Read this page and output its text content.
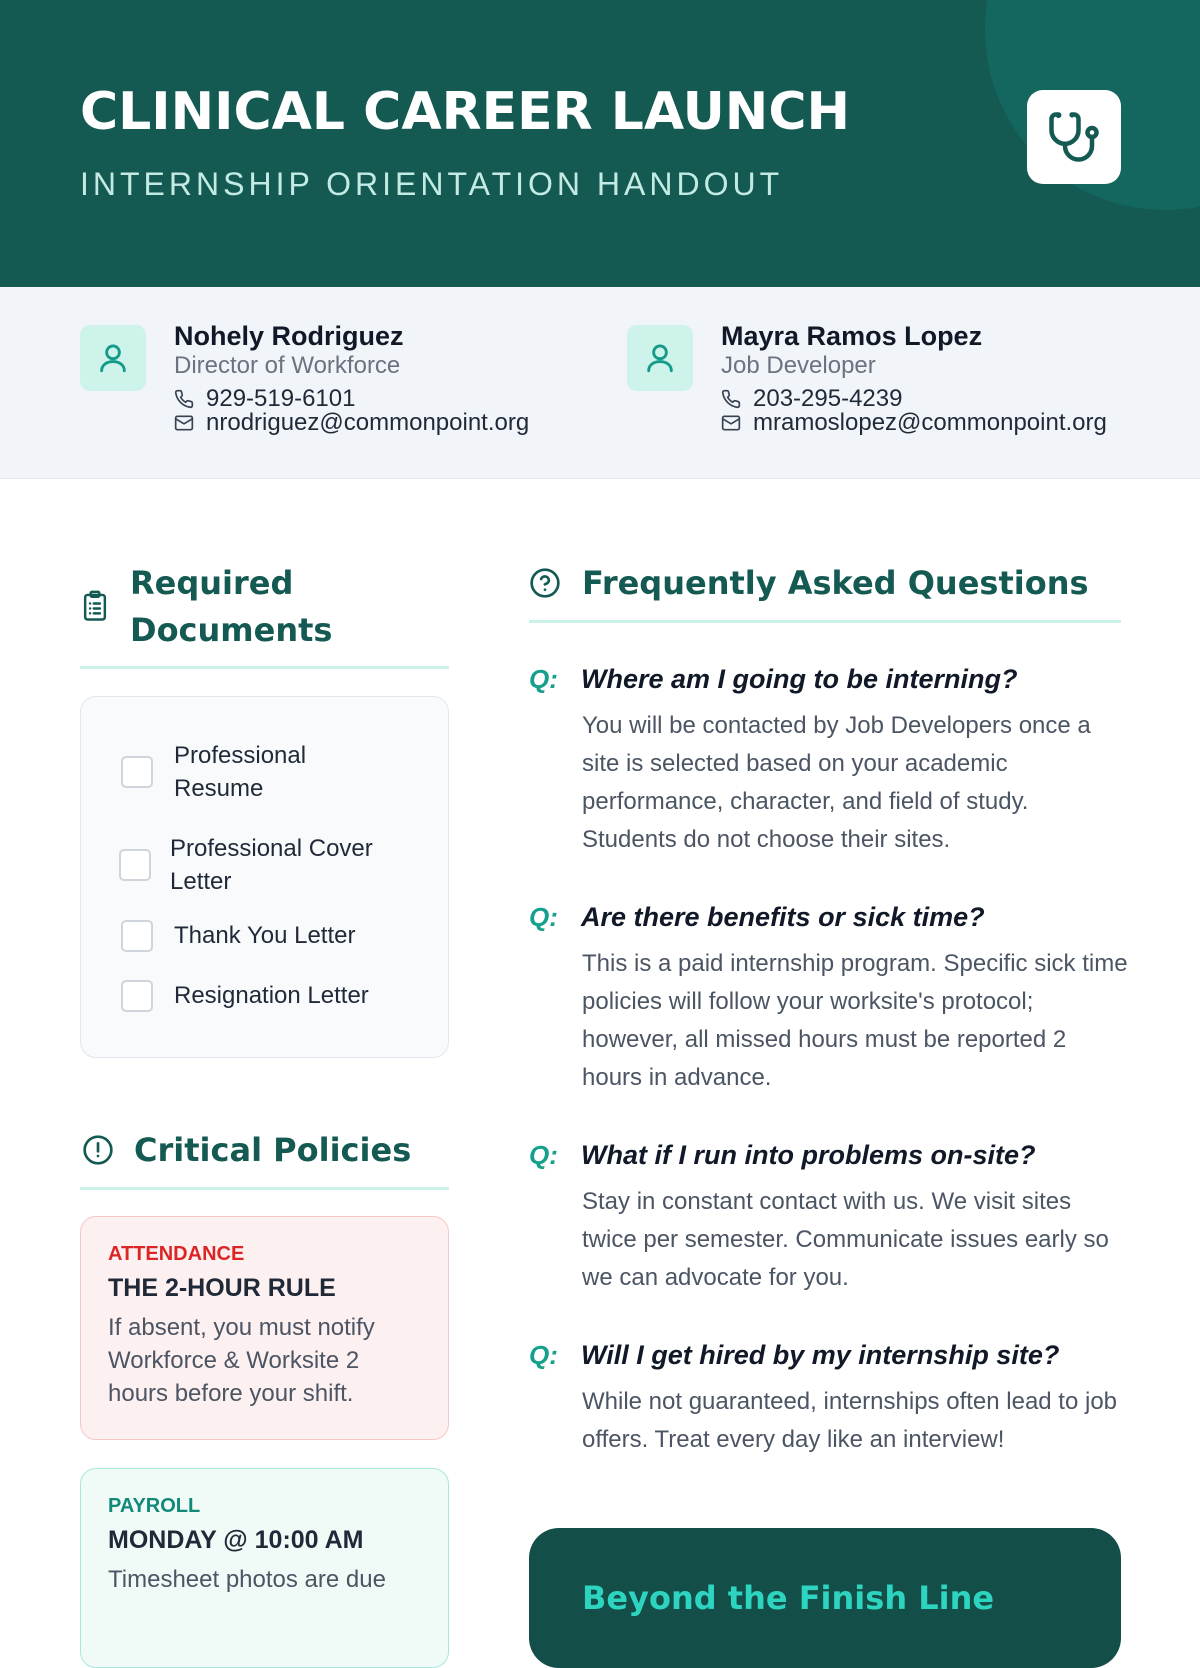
CLINICAL CAREER LAUNCH
INTERNSHIP ORIENTATION HANDOUT
Nohely Rodriguez
Director of Workforce
929-519-6101
nrodriguez@commonpoint.org
Mayra Ramos Lopez
Job Developer
203-295-4239
mramoslopez@commonpoint.org
Required Documents
Professional Resume
Professional Cover Letter
Thank You Letter
Resignation Letter
Critical Policies
ATTENDANCE
THE 2-HOUR RULE
If absent, you must notify Workforce & Worksite 2 hours before your shift.
PAYROLL
MONDAY @ 10:00 AM
Timesheet photos are due
Frequently Asked Questions
Q: Where am I going to be interning?
You will be contacted by Job Developers once a site is selected based on your academic performance, character, and field of study. Students do not choose their sites.
Q: Are there benefits or sick time?
This is a paid internship program. Specific sick time policies will follow your worksite's protocol; however, all missed hours must be reported 2 hours in advance.
Q: What if I run into problems on-site?
Stay in constant contact with us. We visit sites twice per semester. Communicate issues early so we can advocate for you.
Q: Will I get hired by my internship site?
While not guaranteed, internships often lead to job offers. Treat every day like an interview!
Beyond the Finish Line
